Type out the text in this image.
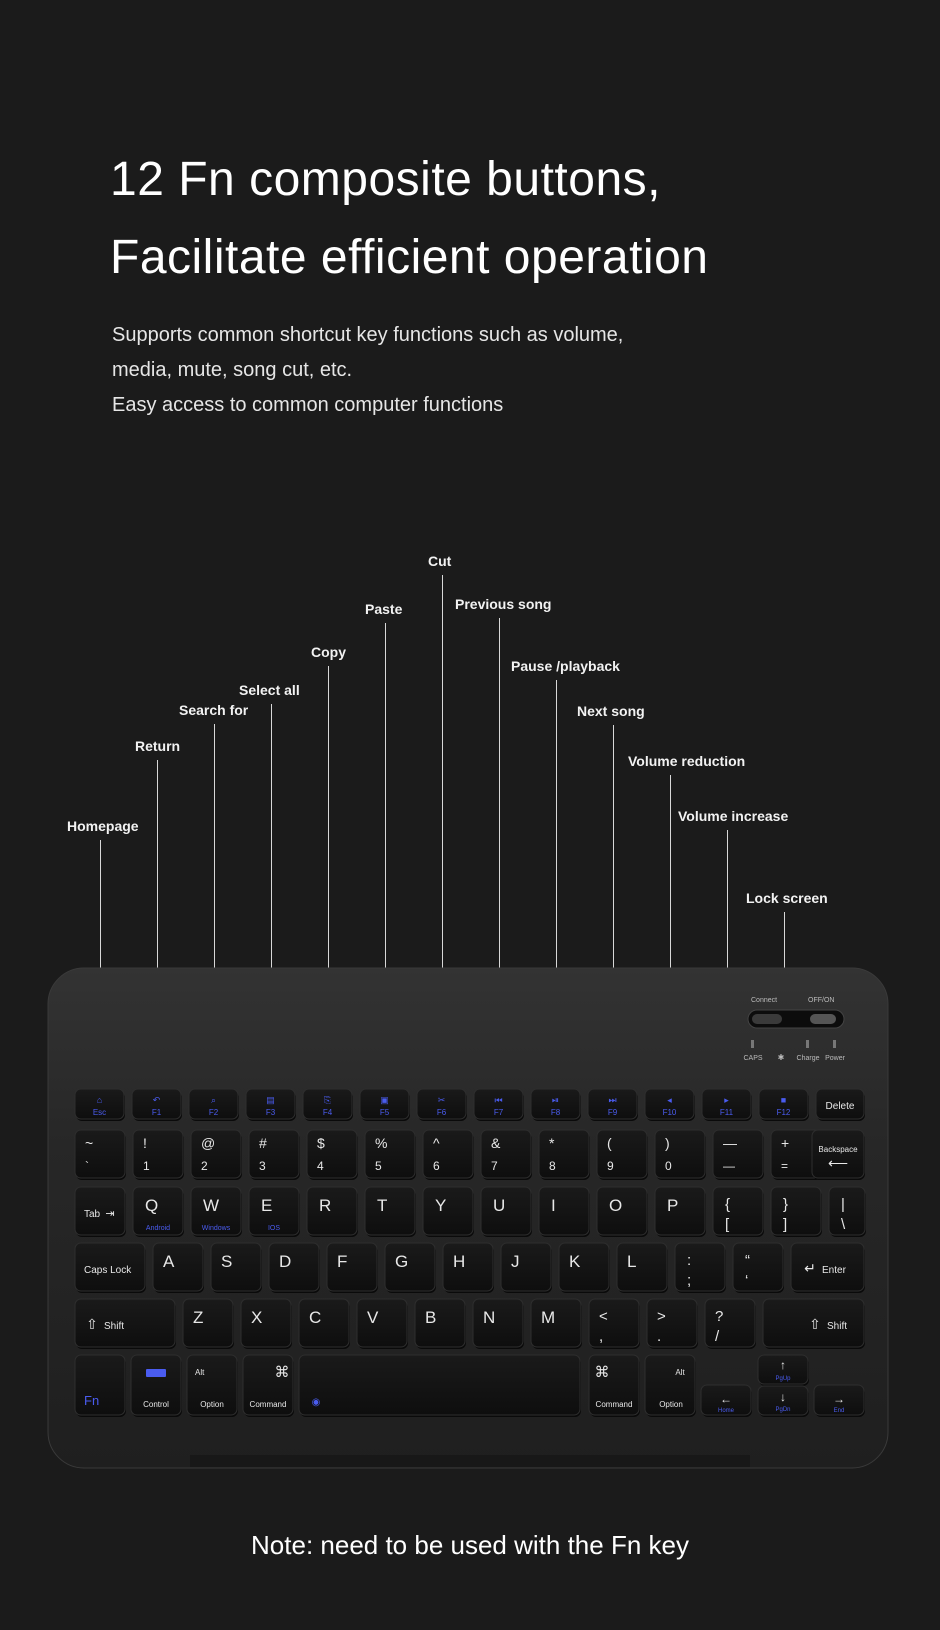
12 Fn composite buttons,
Facilitate efficient operation
Supports common shortcut key functions such as volume,
media, mute, song cut, etc.
Easy access to common computer functions
Homepage
Return
Search for
Select all
Copy
Paste
Cut
Previous song
Pause /playback
Next song
Volume reduction
Volume increase
Lock screen
Connect	OFF/ON
CAPS	Charge Power
✱
⌂
Esc
↶
F1
⌕
F2
▤
F3
⎘
F4
▣
F5
✂
F6
⏮
F7
⏯
F8
⏭
F9
◂
F10
▸
F11
■
F12
Delete
~
`
!
1
@
2
#
3
$
4
%
5
^
6
&
7
*
8
(
9
)
0
—
—
+
=
Backspace
⟵
Tab ⇥ Q
Android
W
Windows
E
IOS
R	T	Y	U	I	O	P	{
[
}
]
|
\
Caps Lock A	S	D	F	G	H	J	K	L	:
;
“
‘
↵ Enter
⇧ Shift	Z	X	C	V	B	N	M	<
,
>
.
?
/
⇧ Shift
Fn	Control
Alt
Option
⌘
Command	◉
⌘
Command
Alt
Option	←
Home
↑
PgUp
↓
PgDn
→
End
Note: need to be used with the Fn key
